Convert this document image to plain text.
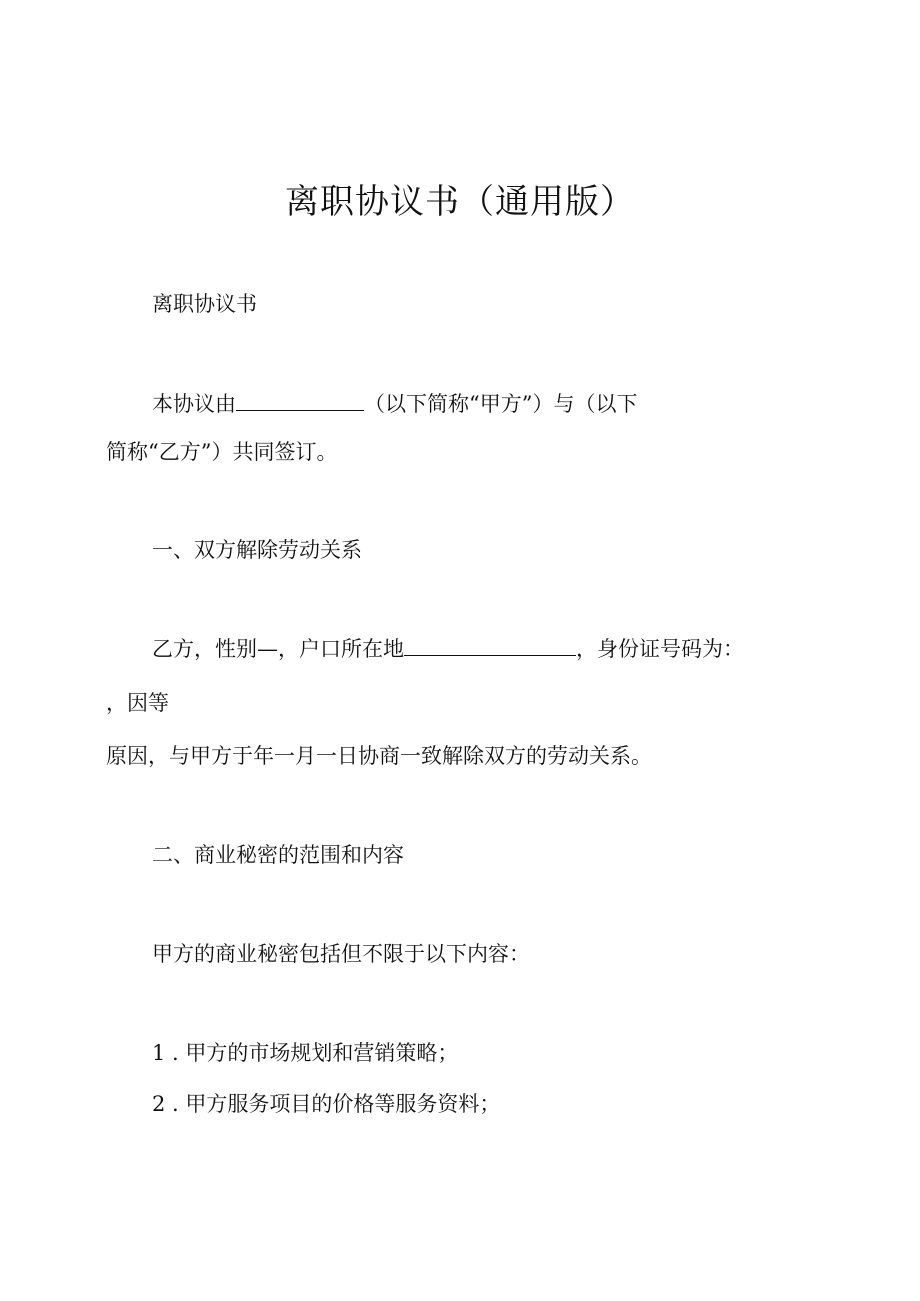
离职协议书（通用版）
离职协议书
本协议由	（以下简称“甲方”）与（以下
简称“乙方”）共同签订。
一、双方解除劳动关系
乙方，性别—，户口所在地	，身份证号码为：
，因等
原因，与甲方于年一月一日协商一致解除双方的劳动关系。
二、商业秘密的范围和内容
甲方的商业秘密包括但不限于以下内容：
1 . 甲方的市场规划和营销策略；
2 . 甲方服务项目的价格等服务资料；
